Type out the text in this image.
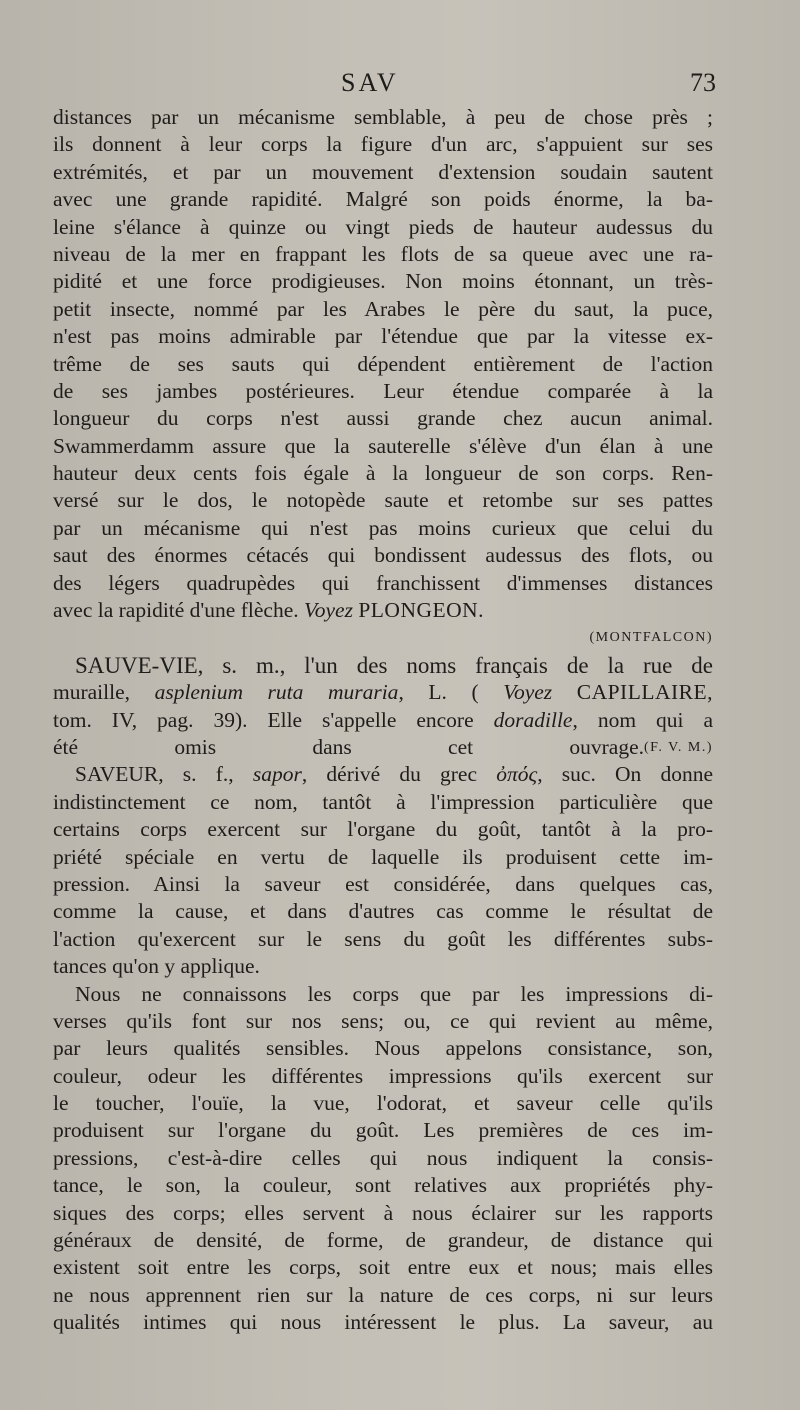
SAV	73
distances par un mécanisme semblable, à peu de chose près ;
ils donnent à leur corps la figure d'un arc, s'appuient sur ses
extrémités, et par un mouvement d'extension soudain sautent
avec une grande rapidité. Malgré son poids énorme, la ba-
leine s'élance à quinze ou vingt pieds de hauteur audessus du
niveau de la mer en frappant les flots de sa queue avec une ra-
pidité et une force prodigieuses. Non moins étonnant, un très-
petit insecte, nommé par les Arabes le père du saut, la puce,
n'est pas moins admirable par l'étendue que par la vitesse ex-
trême de ses sauts qui dépendent entièrement de l'action
de ses jambes postérieures. Leur étendue comparée à la
longueur du corps n'est aussi grande chez aucun animal.
Swammerdamm assure que la sauterelle s'élève d'un élan à une
hauteur deux cents fois égale à la longueur de son corps. Ren-
versé sur le dos, le notopède saute et retombe sur ses pattes
par un mécanisme qui n'est pas moins curieux que celui du
saut des énormes cétacés qui bondissent audessus des flots, ou
des légers quadrupèdes qui franchissent d'immenses distances
avec la rapidité d'une flèche. Voyez PLONGEON.
(MONTFALCON)
SAUVE-VIE, s. m., l'un des noms français de la rue de
muraille, asplenium ruta muraria, L. ( Voyez CAPILLAIRE,
tom. IV, pag. 39). Elle s'appelle encore doradille, nom qui a
été omis dans cet ouvrage. (F. V. M.)
SAVEUR, s. f., sapor, dérivé du grec ὀπός, suc. On donne
indistinctement ce nom, tantôt à l'impression particulière que
certains corps exercent sur l'organe du goût, tantôt à la pro-
priété spéciale en vertu de laquelle ils produisent cette im-
pression. Ainsi la saveur est considérée, dans quelques cas,
comme la cause, et dans d'autres cas comme le résultat de
l'action qu'exercent sur le sens du goût les différentes subs-
tances qu'on y applique.
Nous ne connaissons les corps que par les impressions di-
verses qu'ils font sur nos sens; ou, ce qui revient au même,
par leurs qualités sensibles. Nous appelons consistance, son,
couleur, odeur les différentes impressions qu'ils exercent sur
le toucher, l'ouïe, la vue, l'odorat, et saveur celle qu'ils
produisent sur l'organe du goût. Les premières de ces im-
pressions, c'est-à-dire celles qui nous indiquent la consis-
tance, le son, la couleur, sont relatives aux propriétés phy-
siques des corps; elles servent à nous éclairer sur les rapports
généraux de densité, de forme, de grandeur, de distance qui
existent soit entre les corps, soit entre eux et nous; mais elles
ne nous apprennent rien sur la nature de ces corps, ni sur leurs
qualités intimes qui nous intéressent le plus. La saveur, au
